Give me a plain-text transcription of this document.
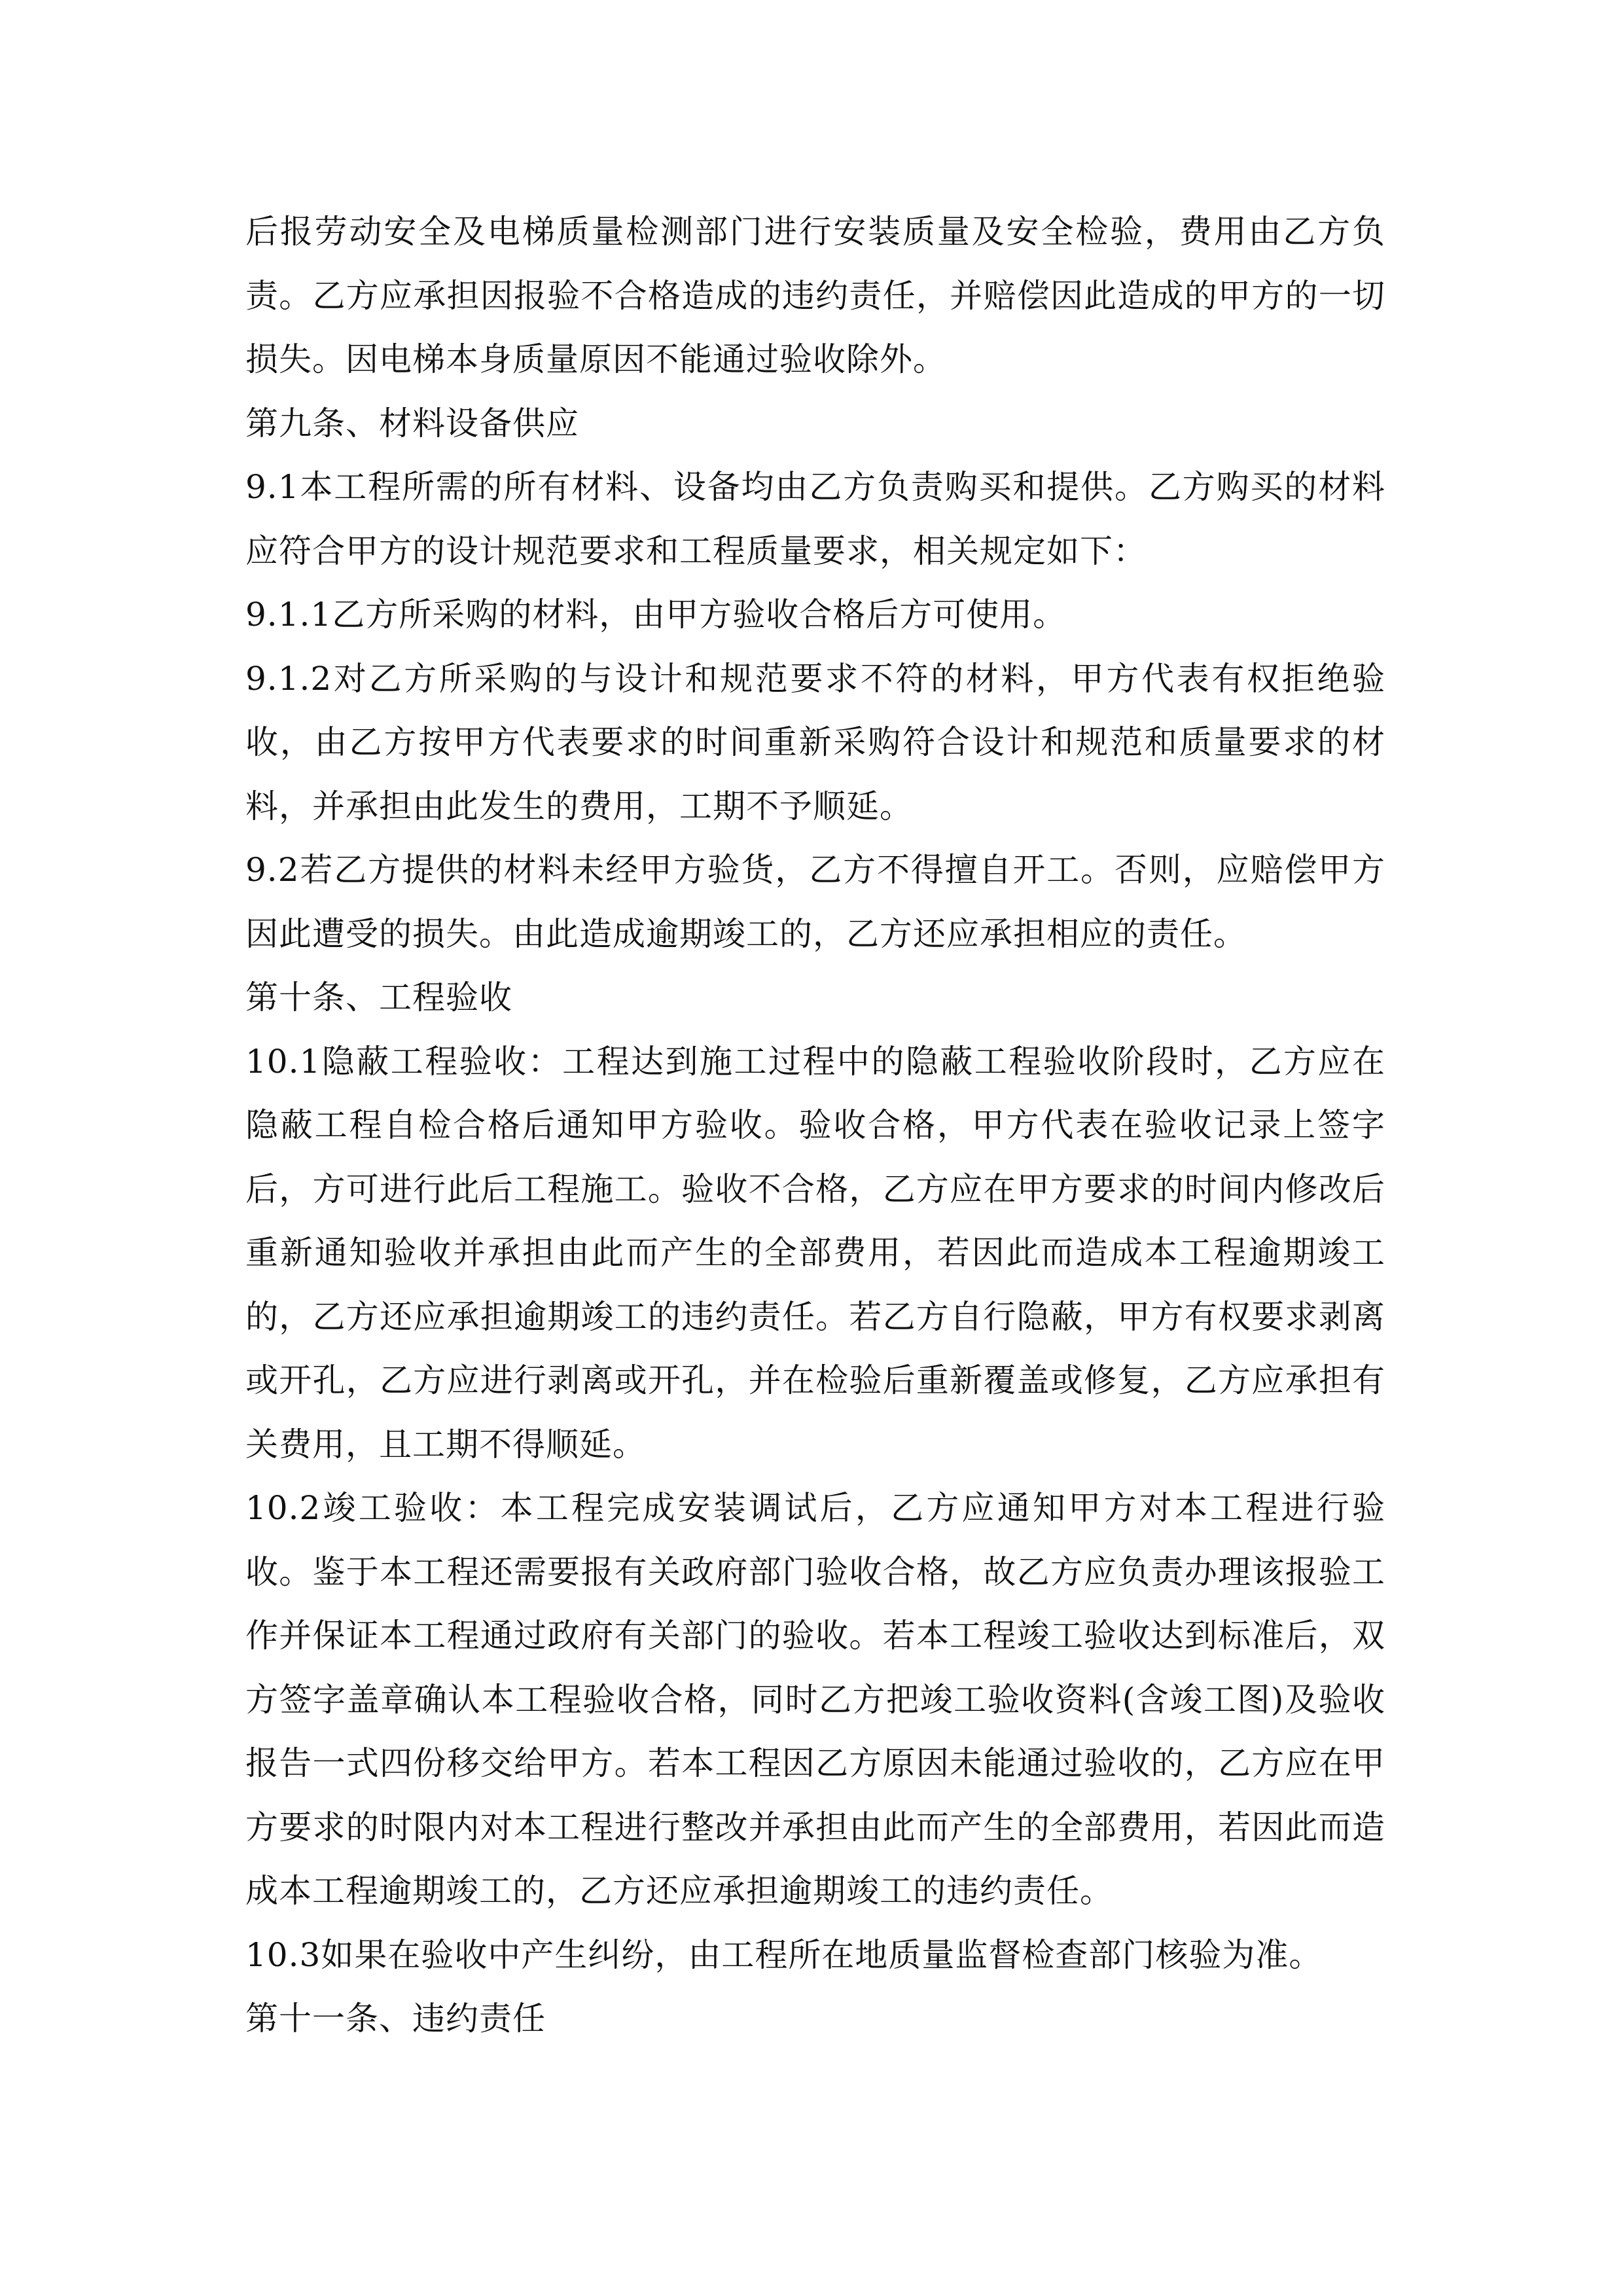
后报劳动安全及电梯质量检测部门进行安装质量及安全检验，费用由乙方负责。乙方应承担因报验不合格造成的违约责任，并赔偿因此造成的甲方的一切损失。因电梯本身质量原因不能通过验收除外。

第九条、材料设备供应

9.1本工程所需的所有材料、设备均由乙方负责购买和提供。乙方购买的材料应符合甲方的设计规范要求和工程质量要求，相关规定如下：

9.1.1乙方所采购的材料，由甲方验收合格后方可使用。

9.1.2对乙方所采购的与设计和规范要求不符的材料，甲方代表有权拒绝验收，由乙方按甲方代表要求的时间重新采购符合设计和规范和质量要求的材料，并承担由此发生的费用，工期不予顺延。

9.2若乙方提供的材料未经甲方验货，乙方不得擅自开工。否则，应赔偿甲方因此遭受的损失。由此造成逾期竣工的，乙方还应承担相应的责任。

第十条、工程验收

10.1隐蔽工程验收：工程达到施工过程中的隐蔽工程验收阶段时，乙方应在隐蔽工程自检合格后通知甲方验收。验收合格，甲方代表在验收记录上签字后，方可进行此后工程施工。验收不合格，乙方应在甲方要求的时间内修改后重新通知验收并承担由此而产生的全部费用，若因此而造成本工程逾期竣工的，乙方还应承担逾期竣工的违约责任。若乙方自行隐蔽，甲方有权要求剥离或开孔，乙方应进行剥离或开孔，并在检验后重新覆盖或修复，乙方应承担有关费用，且工期不得顺延。

10.2竣工验收：本工程完成安装调试后，乙方应通知甲方对本工程进行验收。鉴于本工程还需要报有关政府部门验收合格，故乙方应负责办理该报验工作并保证本工程通过政府有关部门的验收。若本工程竣工验收达到标准后，双方签字盖章确认本工程验收合格，同时乙方把竣工验收资料(含竣工图)及验收报告一式四份移交给甲方。若本工程因乙方原因未能通过验收的，乙方应在甲方要求的时限内对本工程进行整改并承担由此而产生的全部费用，若因此而造成本工程逾期竣工的，乙方还应承担逾期竣工的违约责任。

10.3如果在验收中产生纠纷，由工程所在地质量监督检查部门核验为准。

第十一条、违约责任
